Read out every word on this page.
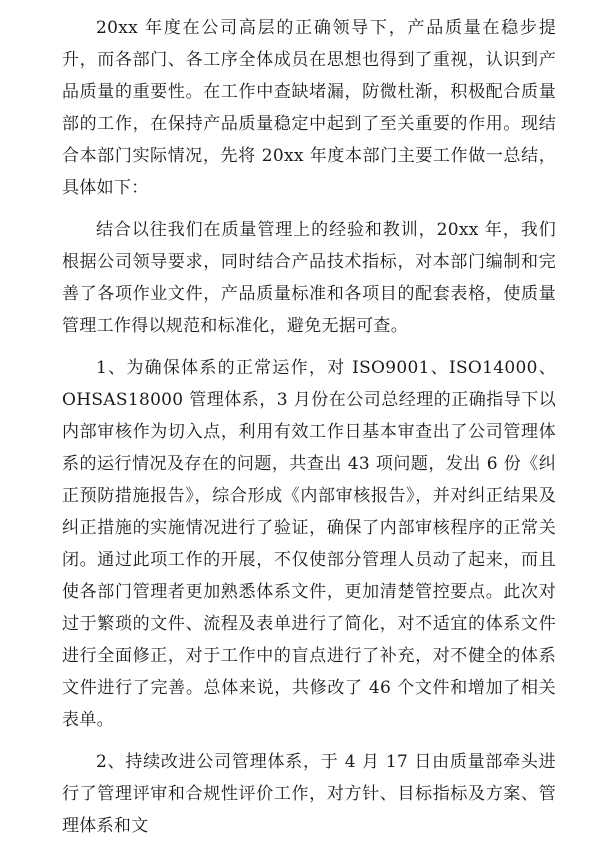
20xx 年度在公司高层的正确领导下，产品质量在稳步提升，而各部门、各工序全体成员在思想也得到了重视，认识到产品质量的重要性。在工作中查缺堵漏，防微杜渐，积极配合质量部的工作，在保持产品质量稳定中起到了至关重要的作用。现结合本部门实际情况，先将 20xx 年度本部门主要工作做一总结，具体如下：

结合以往我们在质量管理上的经验和教训，20xx 年，我们根据公司领导要求，同时结合产品技术指标，对本部门编制和完善了各项作业文件，产品质量标准和各项目的配套表格，使质量管理工作得以规范和标准化，避免无据可查。

1、为确保体系的正常运作，对 ISO9001、ISO14000、OHSAS18000 管理体系，3 月份在公司总经理的正确指导下以内部审核作为切入点，利用有效工作日基本审查出了公司管理体系的运行情况及存在的问题，共查出 43 项问题，发出 6 份《纠正预防措施报告》，综合形成《内部审核报告》，并对纠正结果及纠正措施的实施情况进行了验证，确保了内部审核程序的正常关闭。通过此项工作的开展，不仅使部分管理人员动了起来，而且使各部门管理者更加熟悉体系文件，更加清楚管控要点。此次对过于繁琐的文件、流程及表单进行了简化，对不适宜的体系文件进行全面修正，对于工作中的盲点进行了补充，对不健全的体系文件进行了完善。总体来说，共修改了 46 个文件和增加了相关表单。

2、持续改进公司管理体系，于 4 月 17 日由质量部牵头进行了管理评审和合规性评价工作，对方针、目标指标及方案、管理体系和文
